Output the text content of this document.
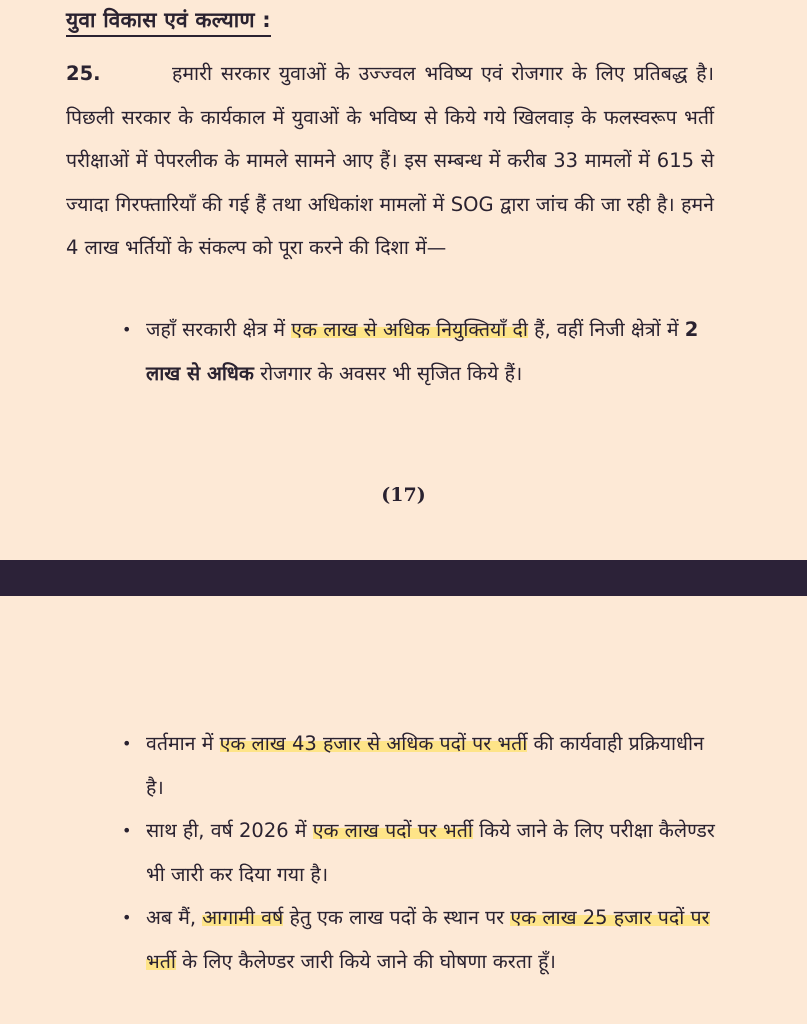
युवा विकास एवं कल्याण :
25.	हमारी सरकार युवाओं के उज्ज्वल भविष्य एवं रोजगार के लिए प्रतिबद्ध है। पिछली सरकार के कार्यकाल में युवाओं के भविष्य से किये गये खिलवाड़ के फलस्वरूप भर्ती परीक्षाओं में पेपरलीक के मामले सामने आए हैं। इस सम्बन्ध में करीब 33 मामलों में 615 से ज्यादा गिरफ्तारियाँ की गई हैं तथा अधिकांश मामलों में SOG द्वारा जांच की जा रही है। हमने 4 लाख भर्तियों के संकल्प को पूरा करने की दिशा में—
• जहाँ सरकारी क्षेत्र में एक लाख से अधिक नियुक्तियाँ दी हैं, वहीं निजी क्षेत्रों में 2 लाख से अधिक रोजगार के अवसर भी सृजित किये हैं।
(17)
• वर्तमान में एक लाख 43 हजार से अधिक पदों पर भर्ती की कार्यवाही प्रक्रियाधीन है।
• साथ ही, वर्ष 2026 में एक लाख पदों पर भर्ती किये जाने के लिए परीक्षा कैलेण्डर भी जारी कर दिया गया है।
• अब मैं, आगामी वर्ष हेतु एक लाख पदों के स्थान पर एक लाख 25 हजार पदों पर भर्ती के लिए कैलेण्डर जारी किये जाने की घोषणा करता हूँ।
